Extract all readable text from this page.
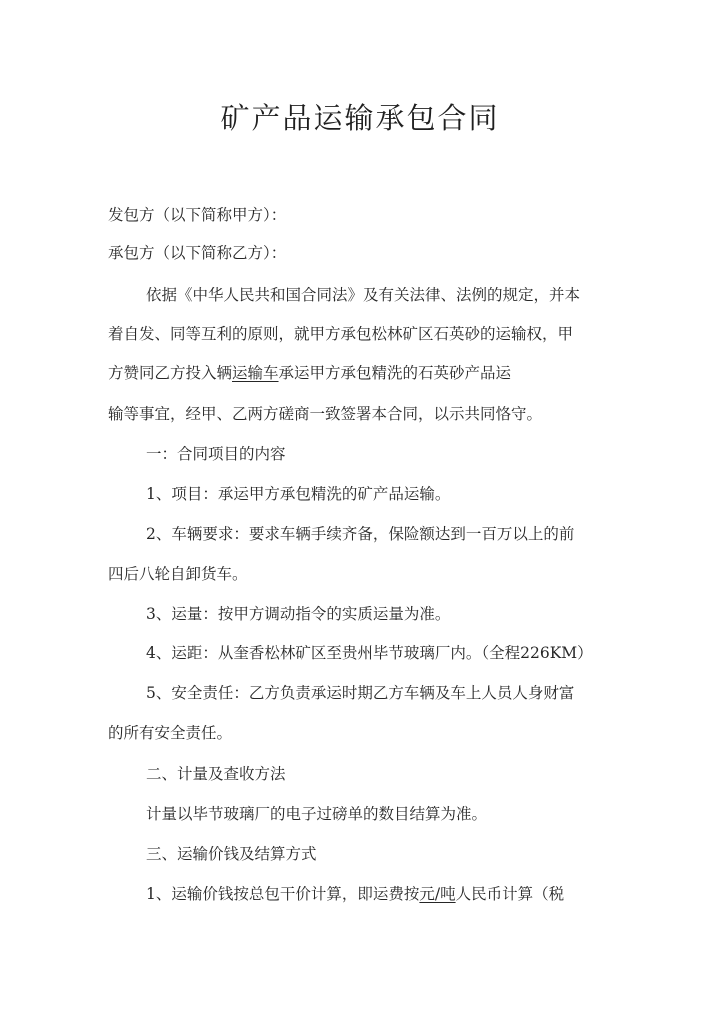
矿产品运输承包合同
发包方（以下简称甲方）：
承包方（以下简称乙方）：
依据《中华人民共和国合同法》及有关法律、法例的规定，并本
着自发、同等互利的原则，就甲方承包松林矿区石英砂的运输权，甲
方赞同乙方投入辆运输车承运甲方承包精洗的石英砂产品运
输等事宜，经甲、乙两方磋商一致签署本合同，以示共同恪守。
一：合同项目的内容
1、项目：承运甲方承包精洗的矿产品运输。
2、车辆要求：要求车辆手续齐备，保险额达到一百万以上的前
四后八轮自卸货车。
3、运量：按甲方调动指令的实质运量为准。
4、运距：从奎香松林矿区至贵州毕节玻璃厂内。（全程226KM）
5、安全责任：乙方负责承运时期乙方车辆及车上人员人身财富
的所有安全责任。
二、计量及查收方法
计量以毕节玻璃厂的电子过磅单的数目结算为准。
三、运输价钱及结算方式
1、运输价钱按总包干价计算，即运费按元/吨人民币计算（税
